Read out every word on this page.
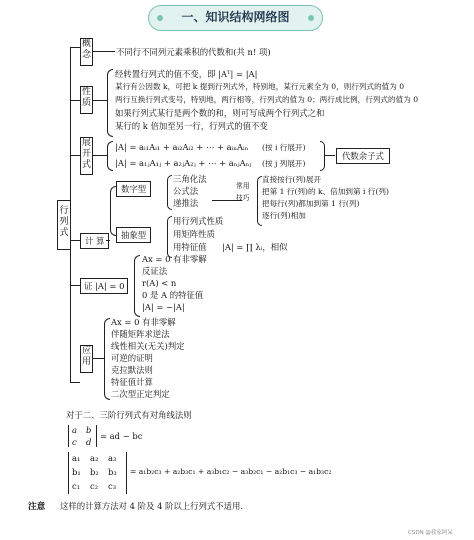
一、知识结构网络图
行
列
式
概
念	不同行不同列元素乘积的代数和(共 n! 项)
性
质
经转置行列式的值不变，即 |Aᵀ| = |A|
某行有公因数 k，可把 k 提到行列式外，特别地，某行元素全为 0，则行列式的值为 0
两行互换行列式变号，特别地，两行相等，行列式的值为 0；两行成比例，行列式的值为 0
如果行列式某行是两个数的和，则可写成两个行列式之和
某行的 k 倍加至另一行，行列式的值不变
展
开
式
|A| = aᵢ₁Aᵢ₁ + aᵢ₂Aᵢ₂ + ⋯ + aᵢₙAᵢₙ (按 i 行展开)
|A| = a₁ⱼA₁ⱼ + a₂ⱼA₂ⱼ + ⋯ + aₙⱼAₙⱼ (按 j 列展开)
代数余子式
计 算
数字型
三角化法
公式法
递推法
常用
技巧
直接按行(列)展开
把第 1 行(列)的 k、倍加到第 i 行(列)
把每行(列)都加到第 1 行(列)
逐行(列)相加
抽象型
用行列式性质
用矩阵性质
用特征值 |A| = ∏ λᵢ，相似
证 |A| = 0
Ax = 0 有非零解
反证法
r(A) < n
0 是 A 的特征值
|A| = −|A|
应
用
Ax = 0 有非零解
伴随矩阵求逆法
线性相关(无关)判定
可逆的证明
克拉默法则
特征值计算
二次型正定判定
对于二、三阶行列式有对角线法则
a b
c d
= ad − bc
a₁ a₂ a₃
b₁ b₂ b₃
c₁ c₂ c₃
= a₁b₂c₃ + a₂b₃c₁ + a₃b₁c₂ − a₃b₂c₁ − a₂b₁c₃ − a₁b₃c₂
注意 这样的计算方法对 4 阶及 4 阶以上行列式不适用.
CSDN @我家阿呆
